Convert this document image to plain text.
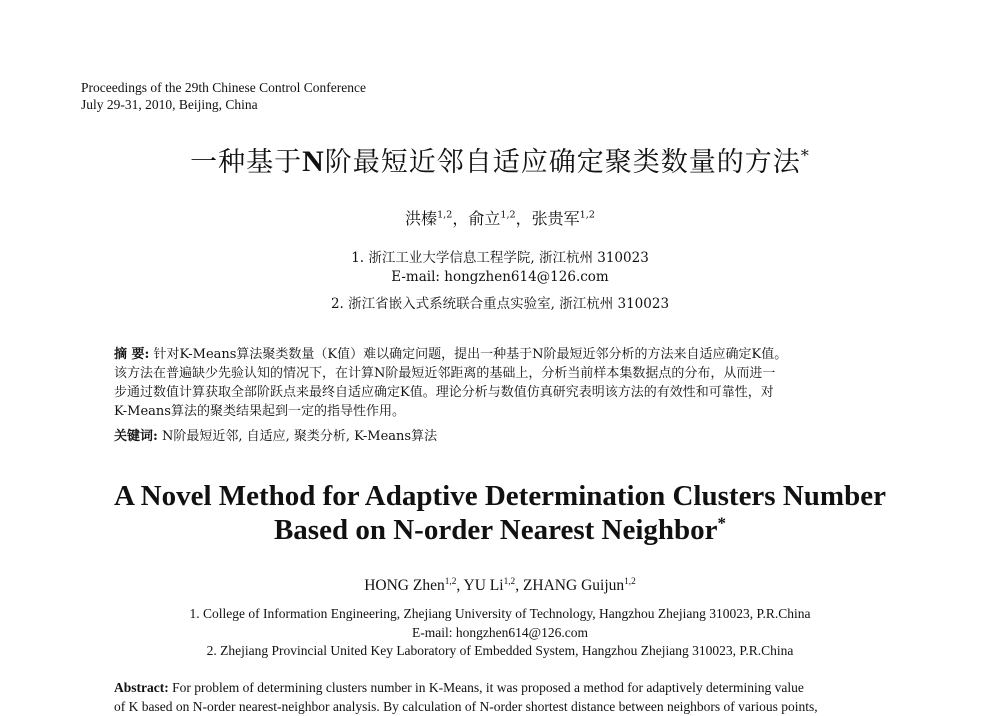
Proceedings of the 29th Chinese Control Conference
July 29-31, 2010, Beijing, China
一种基于N阶最短近邻自适应确定聚类数量的方法*
洪榛$^{1,2}$，俞立$^{1,2}$，张贵军$^{1,2}$
1. 浙江工业大学信息工程学院, 浙江杭州 310023
E-mail: hongzhen614@126.com
2. 浙江省嵌入式系统联合重点实验室, 浙江杭州 310023
摘 要: 针对K-Means算法聚类数量（K值）难以确定问题，提出一种基于N阶最短近邻分析的方法来自适应确定K值。
该方法在普遍缺少先验认知的情况下，在计算N阶最短近邻距离的基础上，分析当前样本集数据点的分布，从而进一
步通过数值计算获取全部阶跃点来最终自适应确定K值。理论分析与数值仿真研究表明该方法的有效性和可靠性，对
K-Means算法的聚类结果起到一定的指导性作用。
关键词: N阶最短近邻, 自适应, 聚类分析, K-Means算法
A Novel Method for Adaptive Determination Clusters Number
Based on N-order Nearest Neighbor*
HONG Zhen$^{1,2}$, YU Li$^{1,2}$, ZHANG Guijun$^{1,2}$
1. College of Information Engineering, Zhejiang University of Technology, Hangzhou Zhejiang 310023, P.R.China
E-mail: hongzhen614@126.com
2. Zhejiang Provincial United Key Laboratory of Embedded System, Hangzhou Zhejiang 310023, P.R.China
Abstract: For problem of determining clusters number in K-Means, it was proposed a method for adaptively determining value
of K based on N-order nearest-neighbor analysis. By calculation of N-order shortest distance between neighbors of various points,
